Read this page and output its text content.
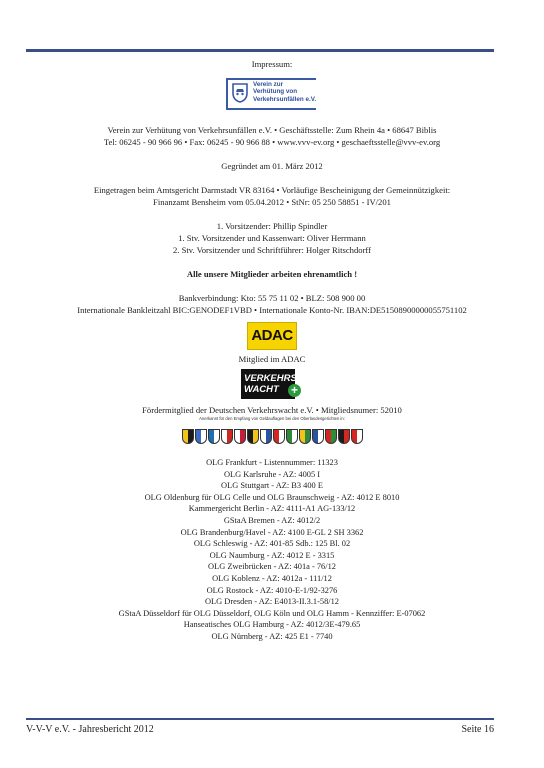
Impressum:

Verein zur
Verhütung von
Verkehrsunfällen e.V.

Verein zur Verhütung von Verkehrsunfällen e.V. • Geschäftsstelle: Zum Rhein 4a • 68647 Biblis

Tel: 06245 - 90 966 96 • Fax: 06245 - 90 966 88 • www.vvv-ev.org • geschaeftsstelle@vvv-ev.org

Gegründet am 01. März 2012

Eingetragen beim Amtsgericht Darmstadt VR 83164 • Vorläufige Bescheinigung der Gemeinnützigkeit:

Finanzamt Bensheim vom 05.04.2012 • StNr: 05 250 58851 - IV/201

1. Vorsitzender: Phillip Spindler

1. Stv. Vorsitzender und Kassenwart: Oliver Herrmann

2. Stv. Vorsitzender und Schriftführer: Holger Ritschdorff

Alle unsere Mitglieder arbeiten ehrenamtlich !

Bankverbindung: Kto: 55 75 11 02 • BLZ: 508 900 00

Internationale Bankleitzahl BIC:GENODEF1VBD • Internationale Konto-Nr. IBAN:DE51508900000055751102

ADAC

Mitglied im ADAC

VERKEHRS
WACHT +

Fördermitglied der Deutschen Verkehrswacht e.V. • Mitgliedsnumer: 52010

Anerkannt für den Empfang von Geldauflagen bei den Oberlandesgerichten in:

OLG Frankfurt - Listennummer: 11323

OLG Karlsruhe - AZ: 4005 I

OLG Stuttgart - AZ: B3 400 E

OLG Oldenburg für OLG Celle und OLG Braunschweig - AZ: 4012 E 8010

Kammergericht Berlin - AZ: 4111-A1 AG-133/12

GStaA Bremen - AZ: 4012/2

OLG Brandenburg/Havel - AZ: 4100 E-GL 2 SH 3362

OLG Schleswig - AZ: 401-85 Sdb.: 125 Bl. 02

OLG Naumburg - AZ: 4012 E - 3315

OLG Zweibrücken - AZ: 401a - 76/12

OLG Koblenz - AZ: 4012a - 111/12

OLG Rostock - AZ: 4010-E-1/92-3276

OLG Dresden - AZ: E4013-II.3.1-58/12

GStaA Düsseldorf für OLG Düsseldorf, OLG Köln und OLG Hamm - Kennziffer: E-07062

Hanseatisches OLG Hamburg - AZ: 4012/3E-479.65

OLG Nürnberg - AZ: 425 E1 - 7740

V-V-V e.V. - Jahresbericht 2012	Seite 16
